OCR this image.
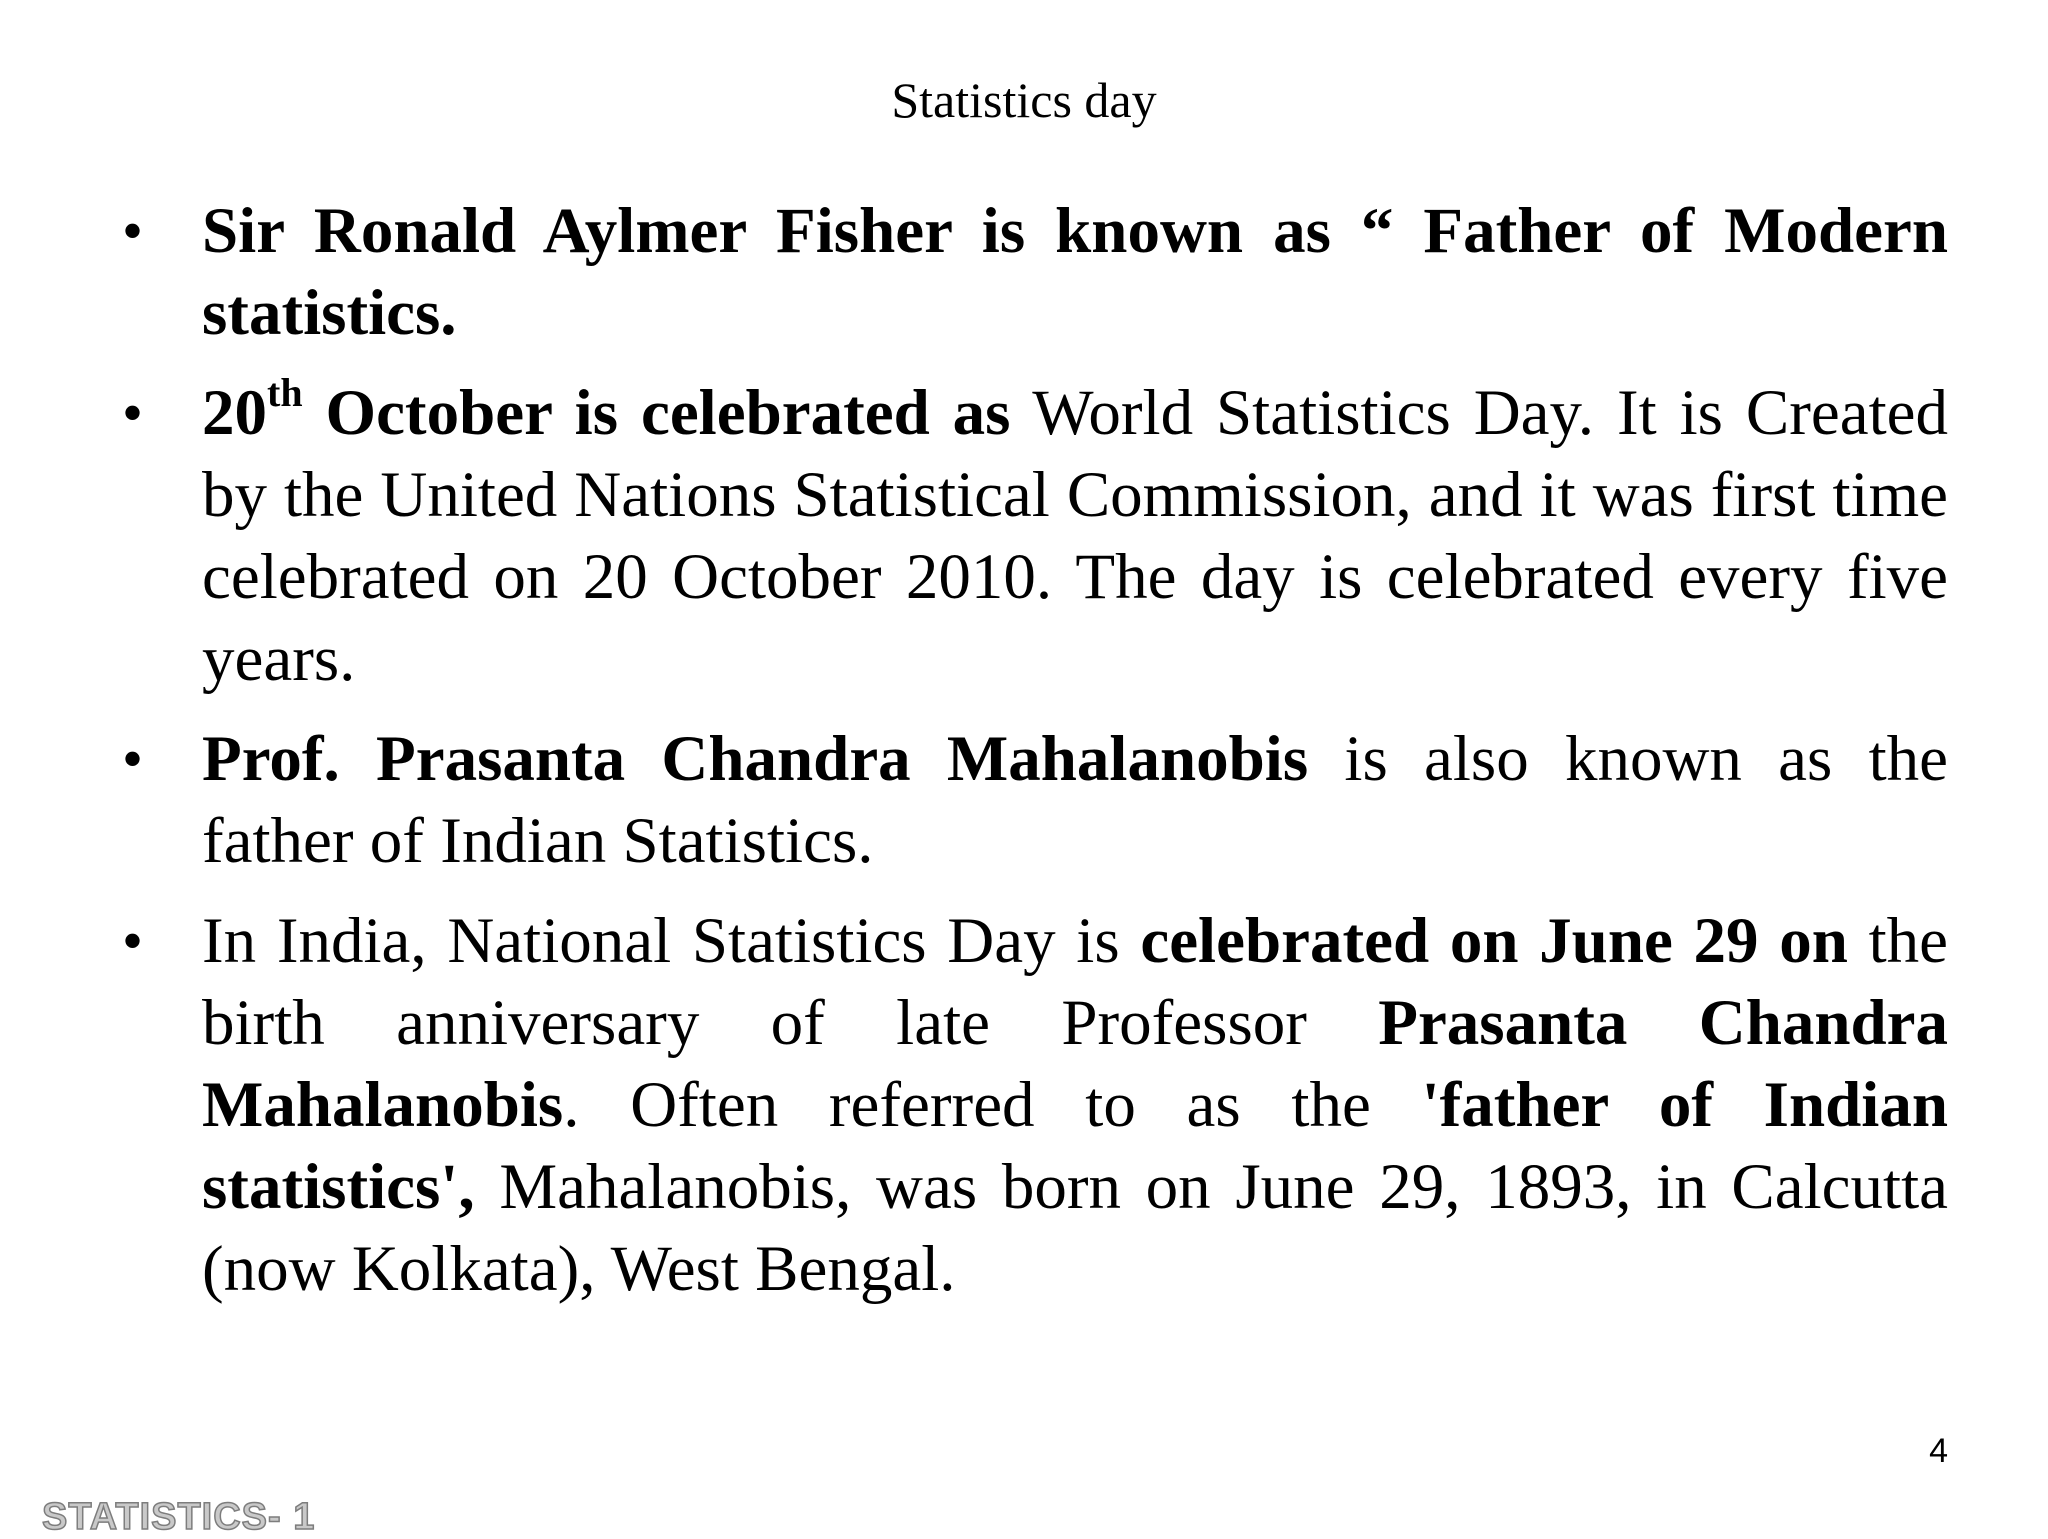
Statistics day
• Sir Ronald Aylmer Fisher is known as “ Father of Modern statistics.
• 20th October is celebrated as World Statistics Day. It is Created by the United Nations Statistical Commission, and it was first time celebrated on 20 October 2010. The day is celebrated every five years.
• Prof. Prasanta Chandra Mahalanobis is also known as the father of Indian Statistics.
• In India, National Statistics Day is celebrated on June 29 on the birth anniversary of late Professor Prasanta Chandra Mahalanobis. Often referred to as the 'father of Indian statistics', Mahalanobis, was born on June 29, 1893, in Calcutta (now Kolkata), West Bengal.
4
STATISTICS- 1
